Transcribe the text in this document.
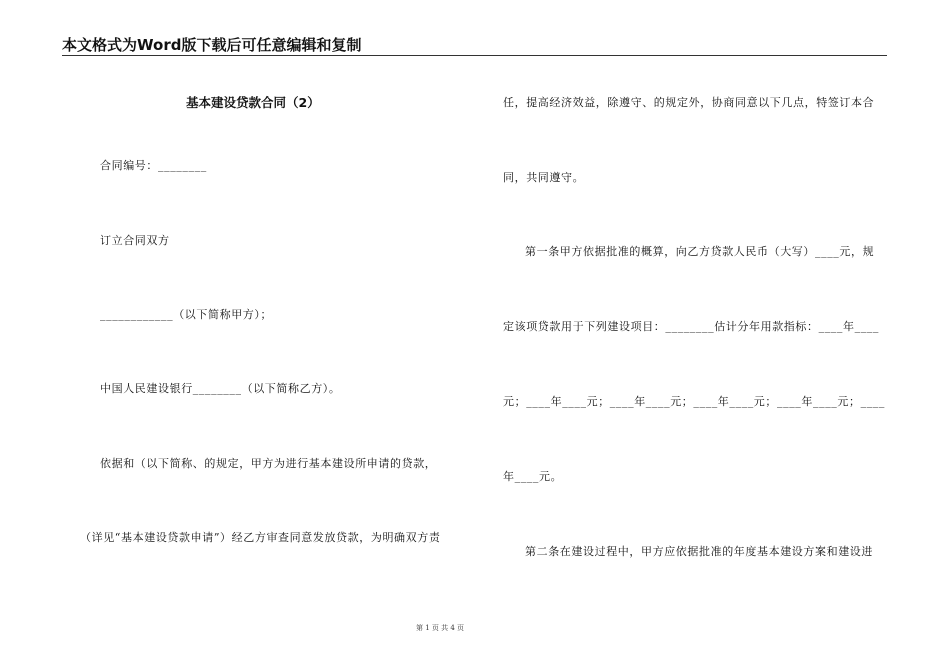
本文格式为Word版下载后可任意编辑和复制
基本建设贷款合同（2）
合同编号：________
订立合同双方
____________（以下简称甲方）；
中国人民建设银行________（以下简称乙方）。
依据和（以下简称、的规定，甲方为进行基本建设所申请的贷款，
（详见“基本建设贷款申请”）经乙方审查同意发放贷款，为明确双方责
任，提高经济效益，除遵守、的规定外，协商同意以下几点，特签订本合
同，共同遵守。
第一条甲方依据批准的概算，向乙方贷款人民币（大写）____元，规
定该项贷款用于下列建设项目：________估计分年用款指标：____年____
元；____年____元；____年____元；____年____元；____年____元；____
年____元。
第二条在建设过程中，甲方应依据批准的年度基本建设方案和建设进
第 1 页 共 4 页
